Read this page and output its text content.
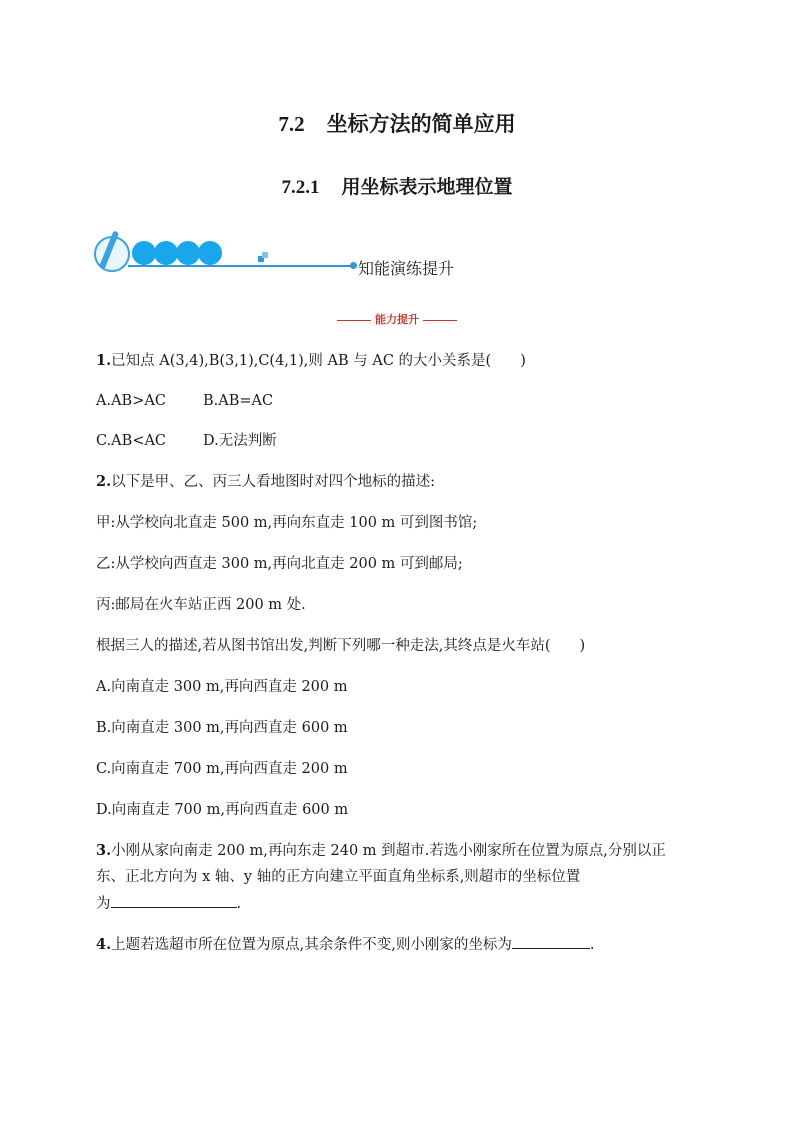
7.2 坐标方法的简单应用
7.2.1 用坐标表示地理位置
知能演练提升
能力提升
1.已知点 A(3,4),B(3,1),C(4,1),则 AB 与 AC 的大小关系是(　　)
A.AB>AC	B.AB=AC
C.AB<AC	D.无法判断
2.以下是甲、乙、丙三人看地图时对四个地标的描述:
甲:从学校向北直走 500 m,再向东直走 100 m 可到图书馆;
乙:从学校向西直走 300 m,再向北直走 200 m 可到邮局;
丙:邮局在火车站正西 200 m 处.
根据三人的描述,若从图书馆出发,判断下列哪一种走法,其终点是火车站(　　)
A.向南直走 300 m,再向西直走 200 m
B.向南直走 300 m,再向西直走 600 m
C.向南直走 700 m,再向西直走 200 m
D.向南直走 700 m,再向西直走 600 m
3.小刚从家向南走 200 m,再向东走 240 m 到超市.若选小刚家所在位置为原点,分别以正
东、正北方向为 x 轴、y 轴的正方向建立平面直角坐标系,则超市的坐标位置
为	.
4.上题若选超市所在位置为原点,其余条件不变,则小刚家的坐标为	.
